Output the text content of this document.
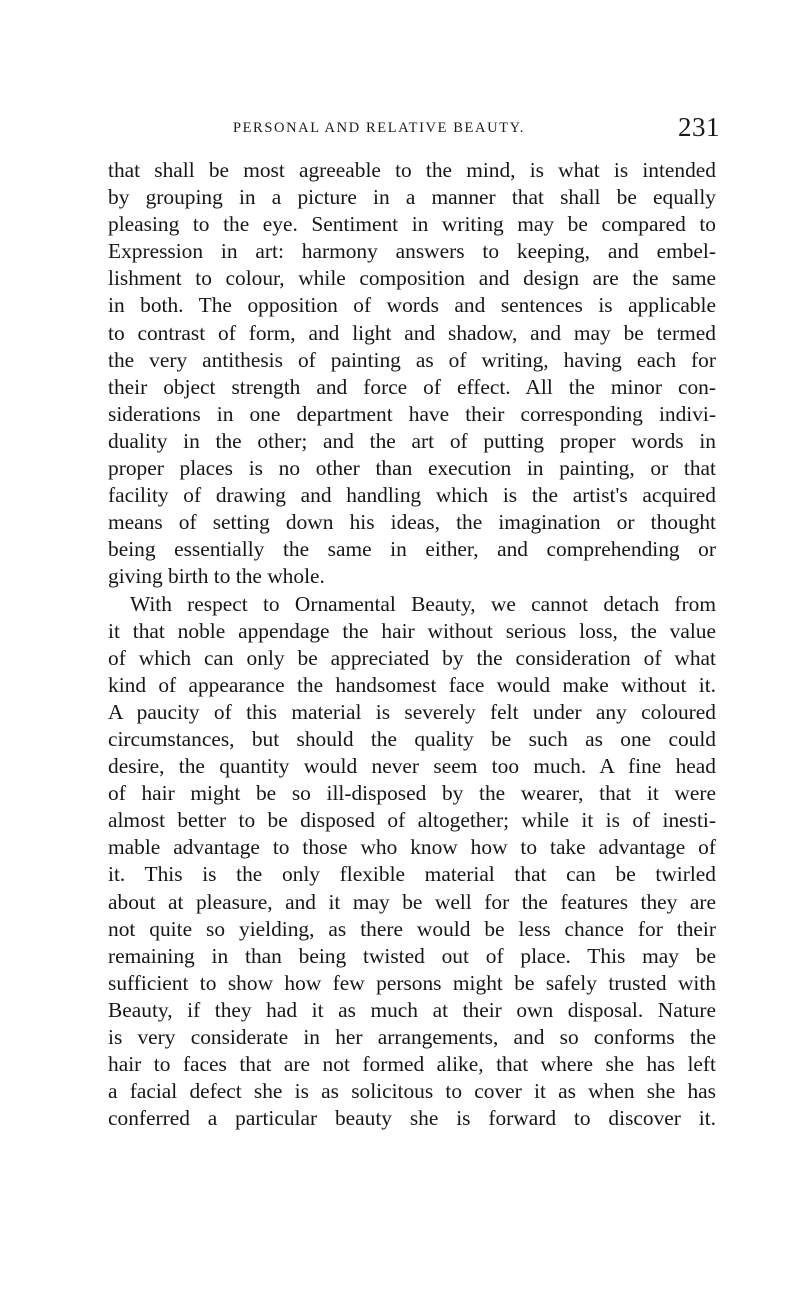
PERSONAL AND RELATIVE BEAUTY.	231
that shall be most agreeable to the mind, is what is intended
by grouping in a picture in a manner that shall be equally
pleasing to the eye. Sentiment in writing may be compared to
Expression in art: harmony answers to keeping, and embel-
lishment to colour, while composition and design are the same
in both. The opposition of words and sentences is applicable
to contrast of form, and light and shadow, and may be termed
the very antithesis of painting as of writing, having each for
their object strength and force of effect. All the minor con-
siderations in one department have their corresponding indivi-
duality in the other; and the art of putting proper words in
proper places is no other than execution in painting, or that
facility of drawing and handling which is the artist's acquired
means of setting down his ideas, the imagination or thought
being essentially the same in either, and comprehending or
giving birth to the whole.
With respect to Ornamental Beauty, we cannot detach from
it that noble appendage the hair without serious loss, the value
of which can only be appreciated by the consideration of what
kind of appearance the handsomest face would make without it.
A paucity of this material is severely felt under any coloured
circumstances, but should the quality be such as one could
desire, the quantity would never seem too much. A fine head
of hair might be so ill-disposed by the wearer, that it were
almost better to be disposed of altogether; while it is of inesti-
mable advantage to those who know how to take advantage of
it. This is the only flexible material that can be twirled
about at pleasure, and it may be well for the features they are
not quite so yielding, as there would be less chance for their
remaining in than being twisted out of place. This may be
sufficient to show how few persons might be safely trusted with
Beauty, if they had it as much at their own disposal. Nature
is very considerate in her arrangements, and so conforms the
hair to faces that are not formed alike, that where she has left
a facial defect she is as solicitous to cover it as when she has
conferred a particular beauty she is forward to discover it.
